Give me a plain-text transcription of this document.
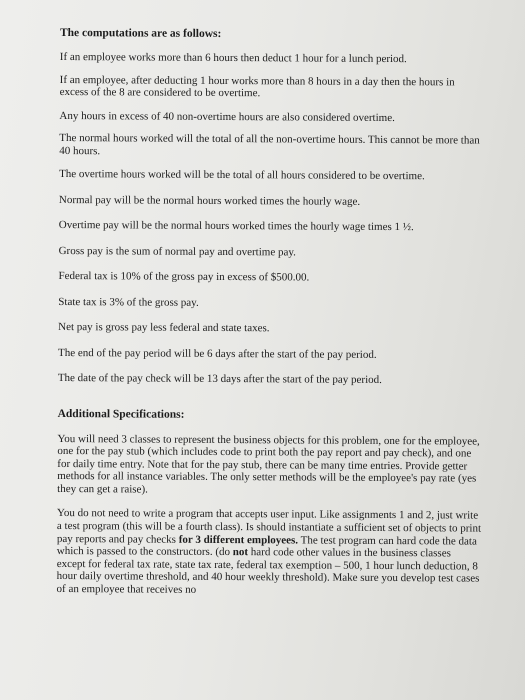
The computations are as follows:

If an employee works more than 6 hours then deduct 1 hour for a lunch period.

If an employee, after deducting 1 hour works more than 8 hours in a day then the hours in excess of the 8 are considered to be overtime.

Any hours in excess of 40 non-overtime hours are also considered overtime.

The normal hours worked will the total of all the non-overtime hours. This cannot be more than 40 hours.

The overtime hours worked will be the total of all hours considered to be overtime.

Normal pay will be the normal hours worked times the hourly wage.

Overtime pay will be the normal hours worked times the hourly wage times 1 ½.

Gross pay is the sum of normal pay and overtime pay.

Federal tax is 10% of the gross pay in excess of $500.00.

State tax is 3% of the gross pay.

Net pay is gross pay less federal and state taxes.

The end of the pay period will be 6 days after the start of the pay period.

The date of the pay check will be 13 days after the start of the pay period.

Additional Specifications:

You will need 3 classes to represent the business objects for this problem, one for the employee, one for the pay stub (which includes code to print both the pay report and pay check), and one for daily time entry. Note that for the pay stub, there can be many time entries. Provide getter methods for all instance variables. The only setter methods will be the employee's pay rate (yes they can get a raise).

You do not need to write a program that accepts user input. Like assignments 1 and 2, just write a test program (this will be a fourth class). Is should instantiate a sufficient set of objects to print pay reports and pay checks for 3 different employees. The test program can hard code the data which is passed to the constructors. (do not hard code other values in the business classes except for federal tax rate, state tax rate, federal tax exemption – 500, 1 hour lunch deduction, 8 hour daily overtime threshold, and 40 hour weekly threshold). Make sure you develop test cases of an employee that receives no
